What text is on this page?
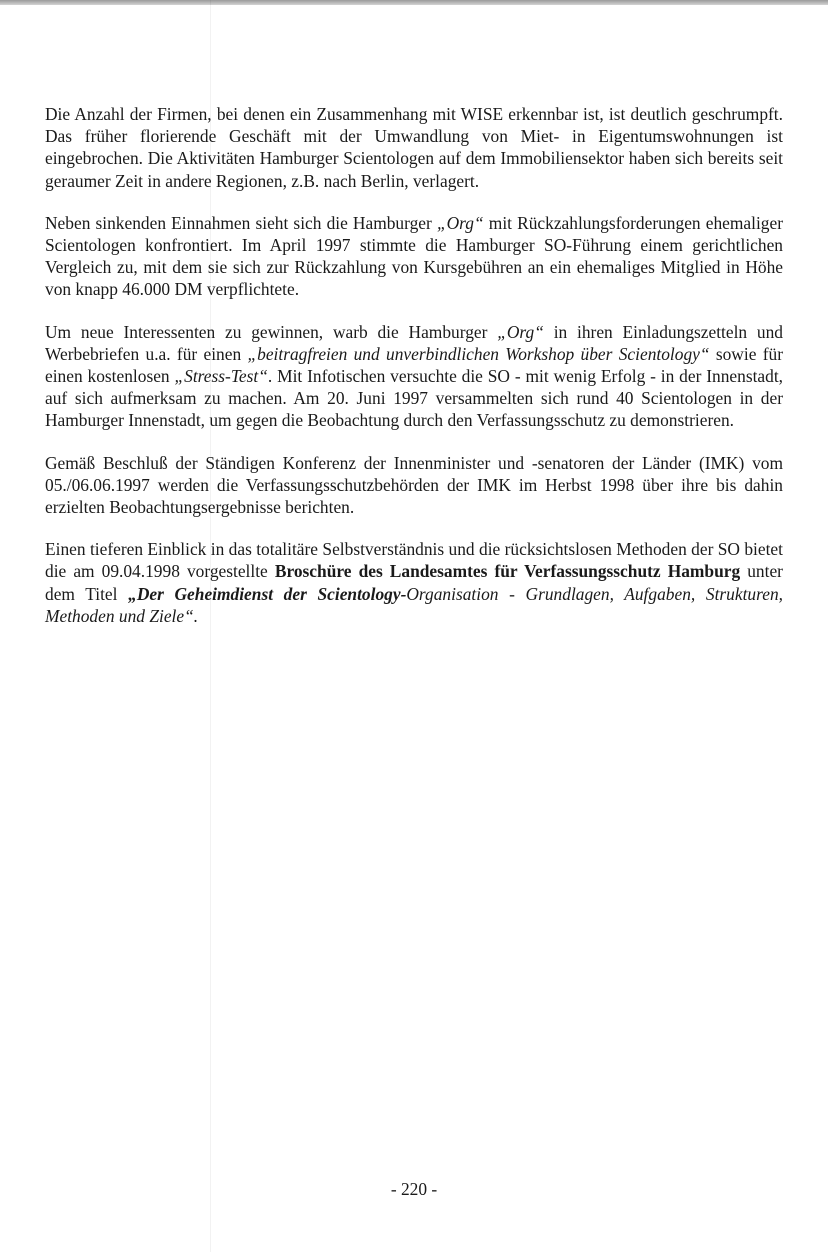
Die Anzahl der Firmen, bei denen ein Zusammenhang mit WISE erkennbar ist, ist deutlich geschrumpft. Das früher florierende Geschäft mit der Umwandlung von Miet- in Eigentumswohnungen ist eingebrochen. Die Aktivitäten Hamburger Scientologen auf dem Immobiliensektor haben sich bereits seit geraumer Zeit in andere Regionen, z.B. nach Berlin, verlagert.

Neben sinkenden Einnahmen sieht sich die Hamburger „Org“ mit Rückzahlungsforderungen ehemaliger Scientologen konfrontiert. Im April 1997 stimmte die Hamburger SO-Führung einem gerichtlichen Vergleich zu, mit dem sie sich zur Rückzahlung von Kursgebühren an ein ehemaliges Mitglied in Höhe von knapp 46.000 DM verpflichtete.

Um neue Interessenten zu gewinnen, warb die Hamburger „Org“ in ihren Einladungszetteln und Werbebriefen u.a. für einen „beitragfreien und unverbindlichen Workshop über Scientology“ sowie für einen kostenlosen „Stress-Test“. Mit Infotischen versuchte die SO - mit wenig Erfolg - in der Innenstadt, auf sich aufmerksam zu machen. Am 20. Juni 1997 versammelten sich rund 40 Scientologen in der Hamburger Innenstadt, um gegen die Beobachtung durch den Verfassungsschutz zu demonstrieren.

Gemäß Beschluß der Ständigen Konferenz der Innenminister und -senatoren der Länder (IMK) vom 05./06.06.1997 werden die Verfassungsschutzbehörden der IMK im Herbst 1998 über ihre bis dahin erzielten Beobachtungsergebnisse berichten.

Einen tieferen Einblick in das totalitäre Selbstverständnis und die rücksichtslosen Methoden der SO bietet die am 09.04.1998 vorgestellte Broschüre des Landesamtes für Verfassungsschutz Hamburg unter dem Titel „Der Geheimdienst der Scientology-Organisation - Grundlagen, Aufgaben, Strukturen, Methoden und Ziele“.

- 220 -
